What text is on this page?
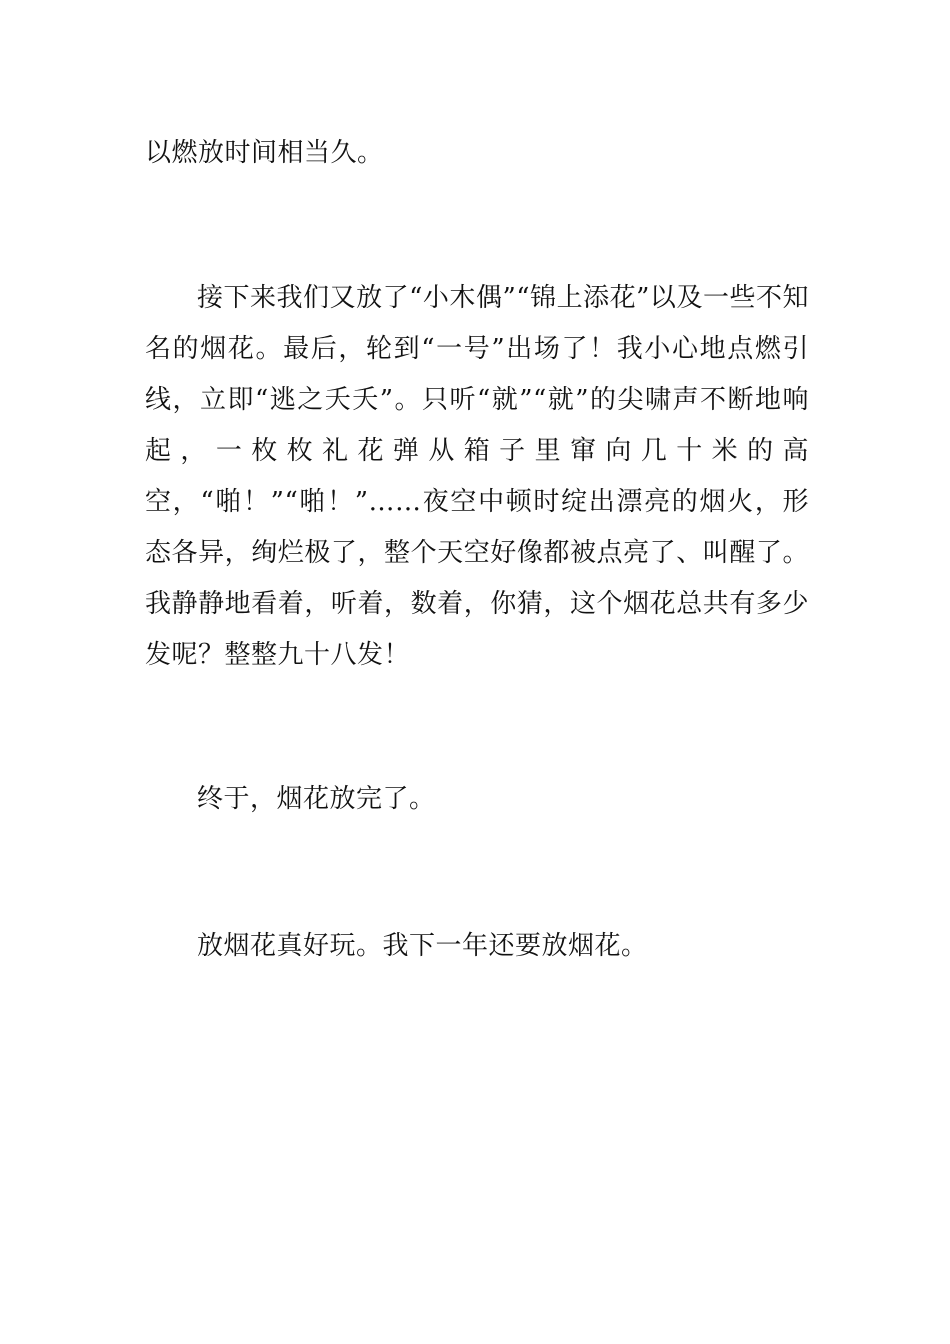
以燃放时间相当久。

接下来我们又放了“小木偶”“锦上添花”以及一些不知名的烟花。最后，轮到“一号”出场了！我小心地点燃引线，立即“逃之夭夭”。只听“就”“就”的尖啸声不断地响起，一枚枚礼花弹从箱子里窜向几十米的高空，“啪！”“啪！”……夜空中顿时绽出漂亮的烟火，形态各异，绚烂极了，整个天空好像都被点亮了、叫醒了。我静静地看着，听着，数着，你猜，这个烟花总共有多少发呢？整整九十八发！

终于，烟花放完了。

放烟花真好玩。我下一年还要放烟花。
